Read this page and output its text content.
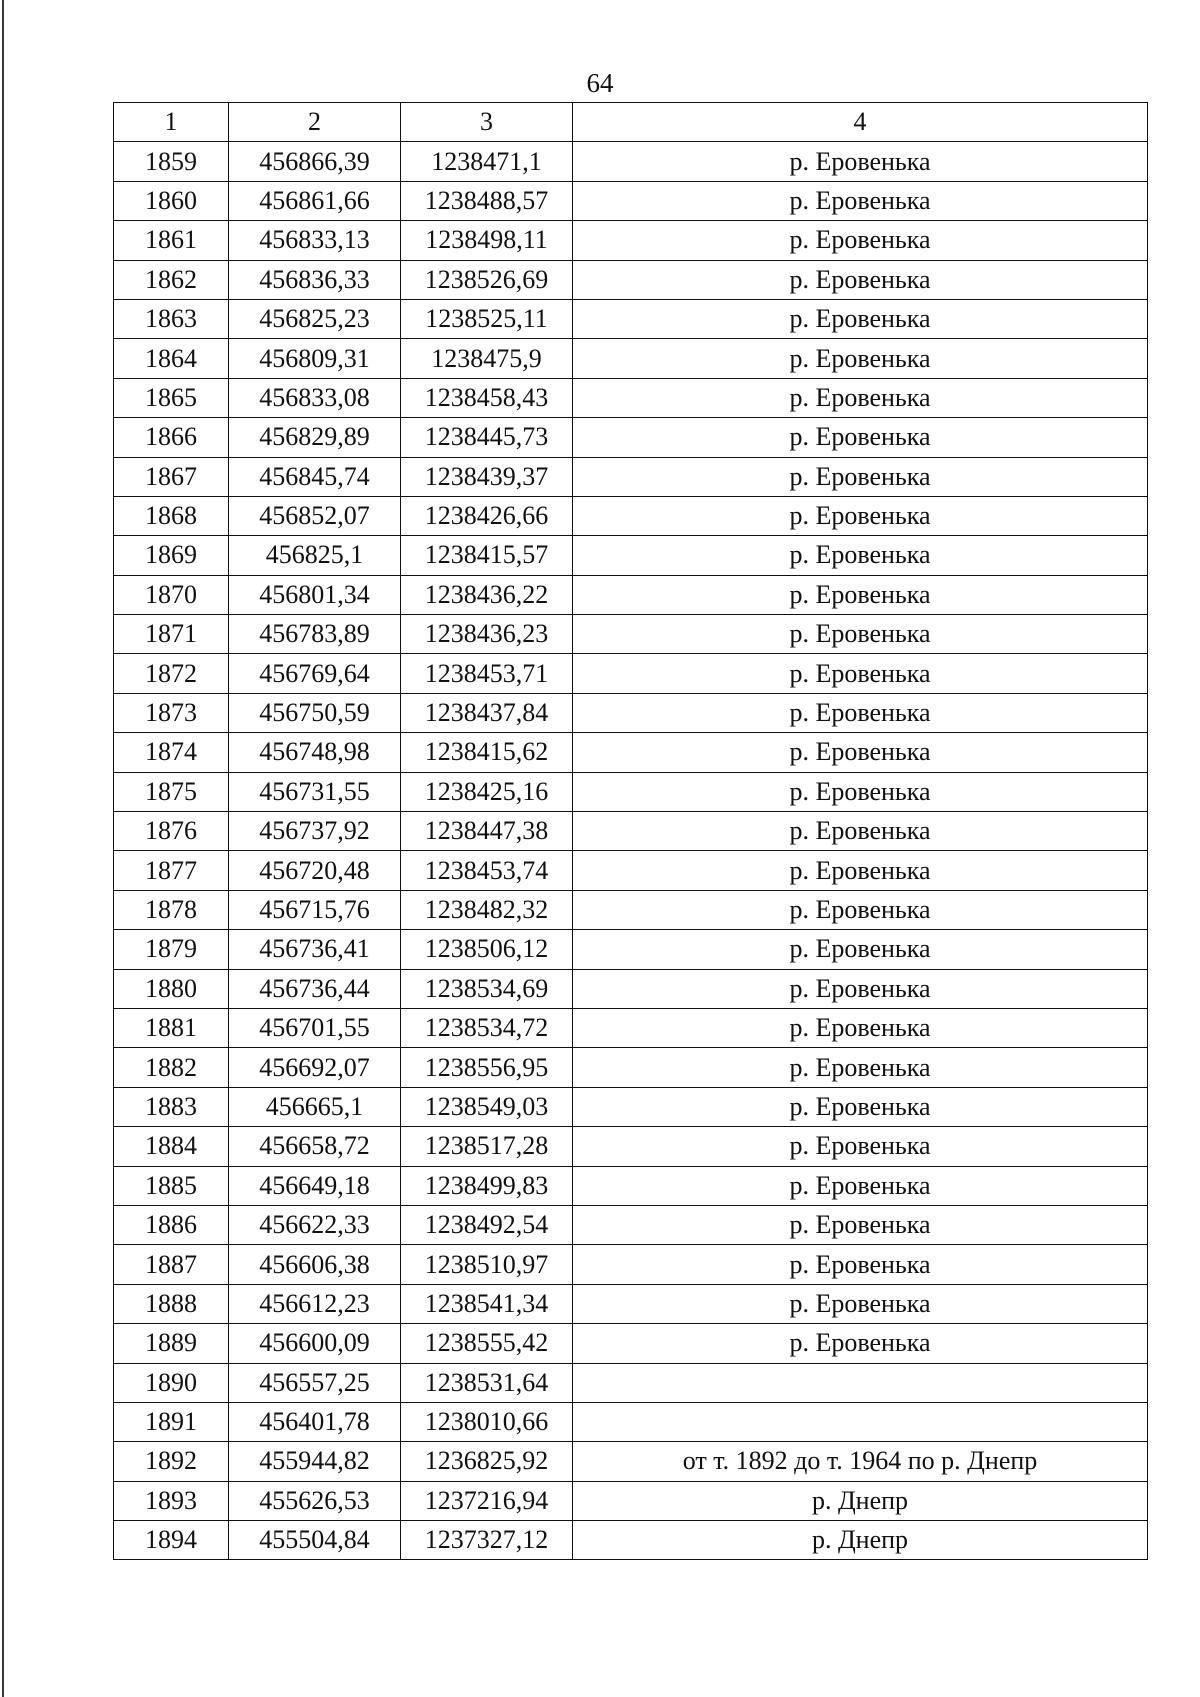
64
1	2	3	4
1859	456866,39	1238471,1	р. Еровенька
1860	456861,66	1238488,57	р. Еровенька
1861	456833,13	1238498,11	р. Еровенька
1862	456836,33	1238526,69	р. Еровенька
1863	456825,23	1238525,11	р. Еровенька
1864	456809,31	1238475,9	р. Еровенька
1865	456833,08	1238458,43	р. Еровенька
1866	456829,89	1238445,73	р. Еровенька
1867	456845,74	1238439,37	р. Еровенька
1868	456852,07	1238426,66	р. Еровенька
1869	456825,1	1238415,57	р. Еровенька
1870	456801,34	1238436,22	р. Еровенька
1871	456783,89	1238436,23	р. Еровенька
1872	456769,64	1238453,71	р. Еровенька
1873	456750,59	1238437,84	р. Еровенька
1874	456748,98	1238415,62	р. Еровенька
1875	456731,55	1238425,16	р. Еровенька
1876	456737,92	1238447,38	р. Еровенька
1877	456720,48	1238453,74	р. Еровенька
1878	456715,76	1238482,32	р. Еровенька
1879	456736,41	1238506,12	р. Еровенька
1880	456736,44	1238534,69	р. Еровенька
1881	456701,55	1238534,72	р. Еровенька
1882	456692,07	1238556,95	р. Еровенька
1883	456665,1	1238549,03	р. Еровенька
1884	456658,72	1238517,28	р. Еровенька
1885	456649,18	1238499,83	р. Еровенька
1886	456622,33	1238492,54	р. Еровенька
1887	456606,38	1238510,97	р. Еровенька
1888	456612,23	1238541,34	р. Еровенька
1889	456600,09	1238555,42	р. Еровенька
1890	456557,25	1238531,64	
1891	456401,78	1238010,66	
1892	455944,82	1236825,92	от т. 1892 до т. 1964 по р. Днепр
1893	455626,53	1237216,94	р. Днепр
1894	455504,84	1237327,12	р. Днепр
